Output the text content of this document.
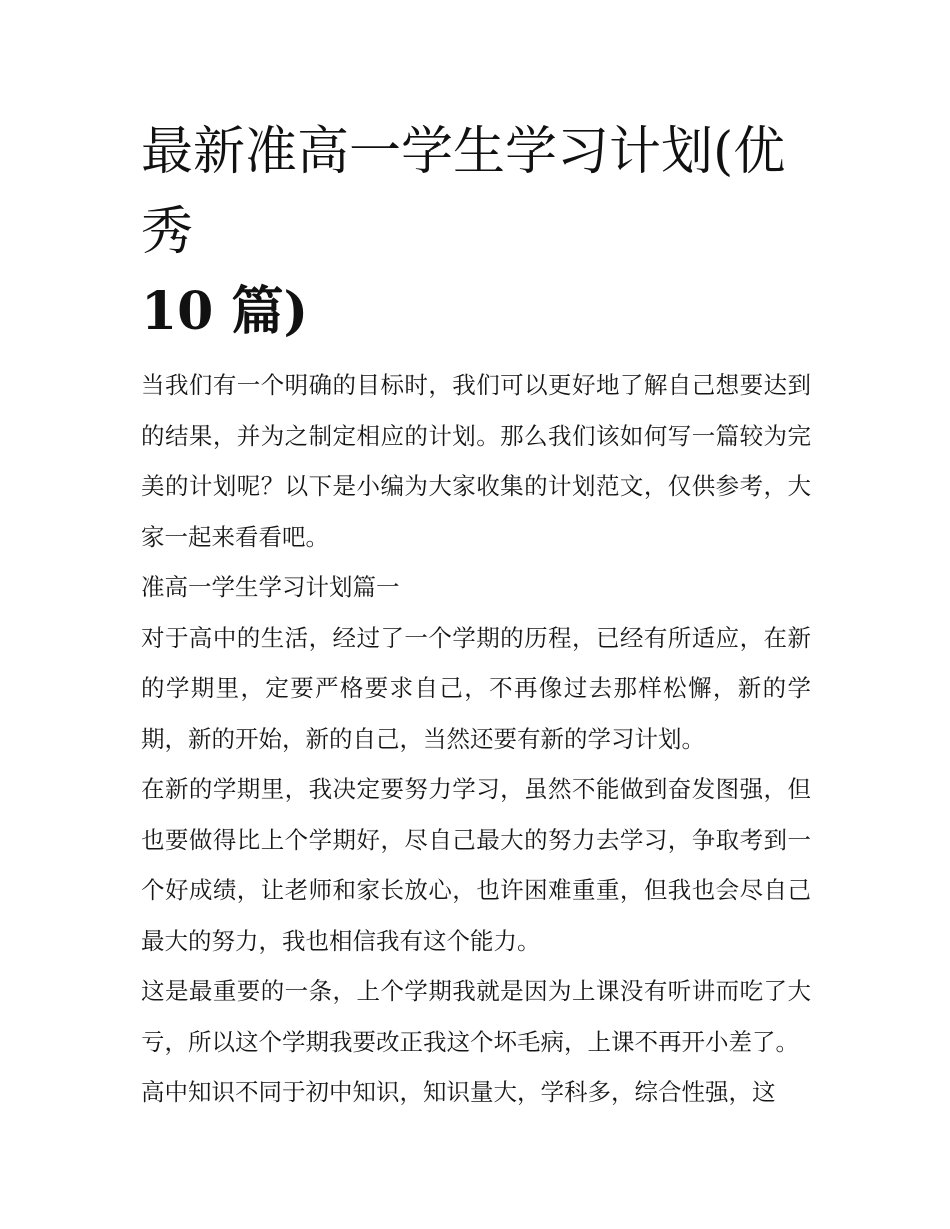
最新准高一学生学习计划(优秀
10 篇)

当我们有一个明确的目标时，我们可以更好地了解自己想要达到的结果，并为之制定相应的计划。那么我们该如何写一篇较为完美的计划呢？以下是小编为大家收集的计划范文，仅供参考，大家一起来看看吧。

准高一学生学习计划篇一

对于高中的生活，经过了一个学期的历程，已经有所适应，在新的学期里，定要严格要求自己，不再像过去那样松懈，新的学期，新的开始，新的自己，当然还要有新的学习计划。

在新的学期里，我决定要努力学习，虽然不能做到奋发图强，但也要做得比上个学期好，尽自己最大的努力去学习，争取考到一个好成绩，让老师和家长放心，也许困难重重，但我也会尽自己最大的努力，我也相信我有这个能力。

这是最重要的一条，上个学期我就是因为上课没有听讲而吃了大亏，所以这个学期我要改正我这个坏毛病，上课不再开小差了。

高中知识不同于初中知识，知识量大，学科多，综合性强，这
